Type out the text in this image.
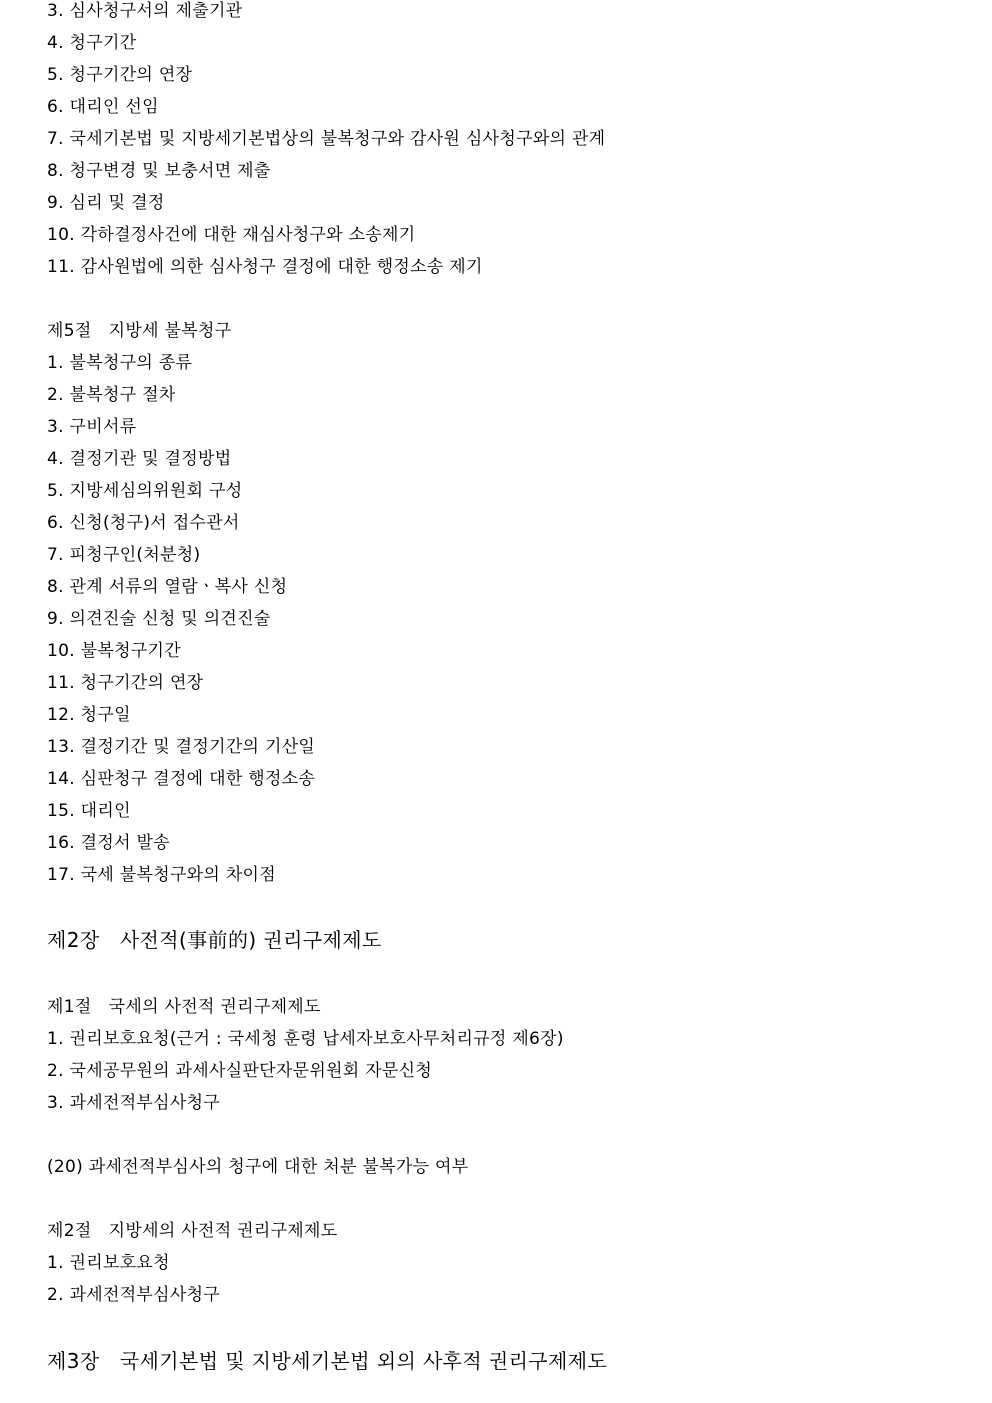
3. 심사청구서의 제출기관
4. 청구기간
5. 청구기간의 연장
6. 대리인 선임
7. 국세기본법 및 지방세기본법상의 불복청구와 감사원 심사청구와의 관계
8. 청구변경 및 보충서면 제출
9. 심리 및 결정
10. 각하결정사건에 대한 재심사청구와 소송제기
11. 감사원법에 의한 심사청구 결정에 대한 행정소송 제기
제5절   지방세 불복청구
1. 불복청구의 종류
2. 불복청구 절차
3. 구비서류
4. 결정기관 및 결정방법
5. 지방세심의위원회 구성
6. 신청(청구)서 접수관서
7. 피청구인(처분청)
8. 관계 서류의 열람ㆍ복사 신청
9. 의견진술 신청 및 의견진술
10. 불복청구기간
11. 청구기간의 연장
12. 청구일
13. 결정기간 및 결정기간의 기산일
14. 심판청구 결정에 대한 행정소송
15. 대리인
16. 결정서 발송
17. 국세 불복청구와의 차이점
제2장   사전적(事前的) 권리구제제도
제1절   국세의 사전적 권리구제제도
1. 권리보호요청(근거 : 국세청 훈령 납세자보호사무처리규정 제6장)
2. 국세공무원의 과세사실판단자문위원회 자문신청
3. 과세전적부심사청구
(20) 과세전적부심사의 청구에 대한 처분 불복가능 여부
제2절   지방세의 사전적 권리구제제도
1. 권리보호요청
2. 과세전적부심사청구
제3장   국세기본법 및 지방세기본법 외의 사후적 권리구제제도
